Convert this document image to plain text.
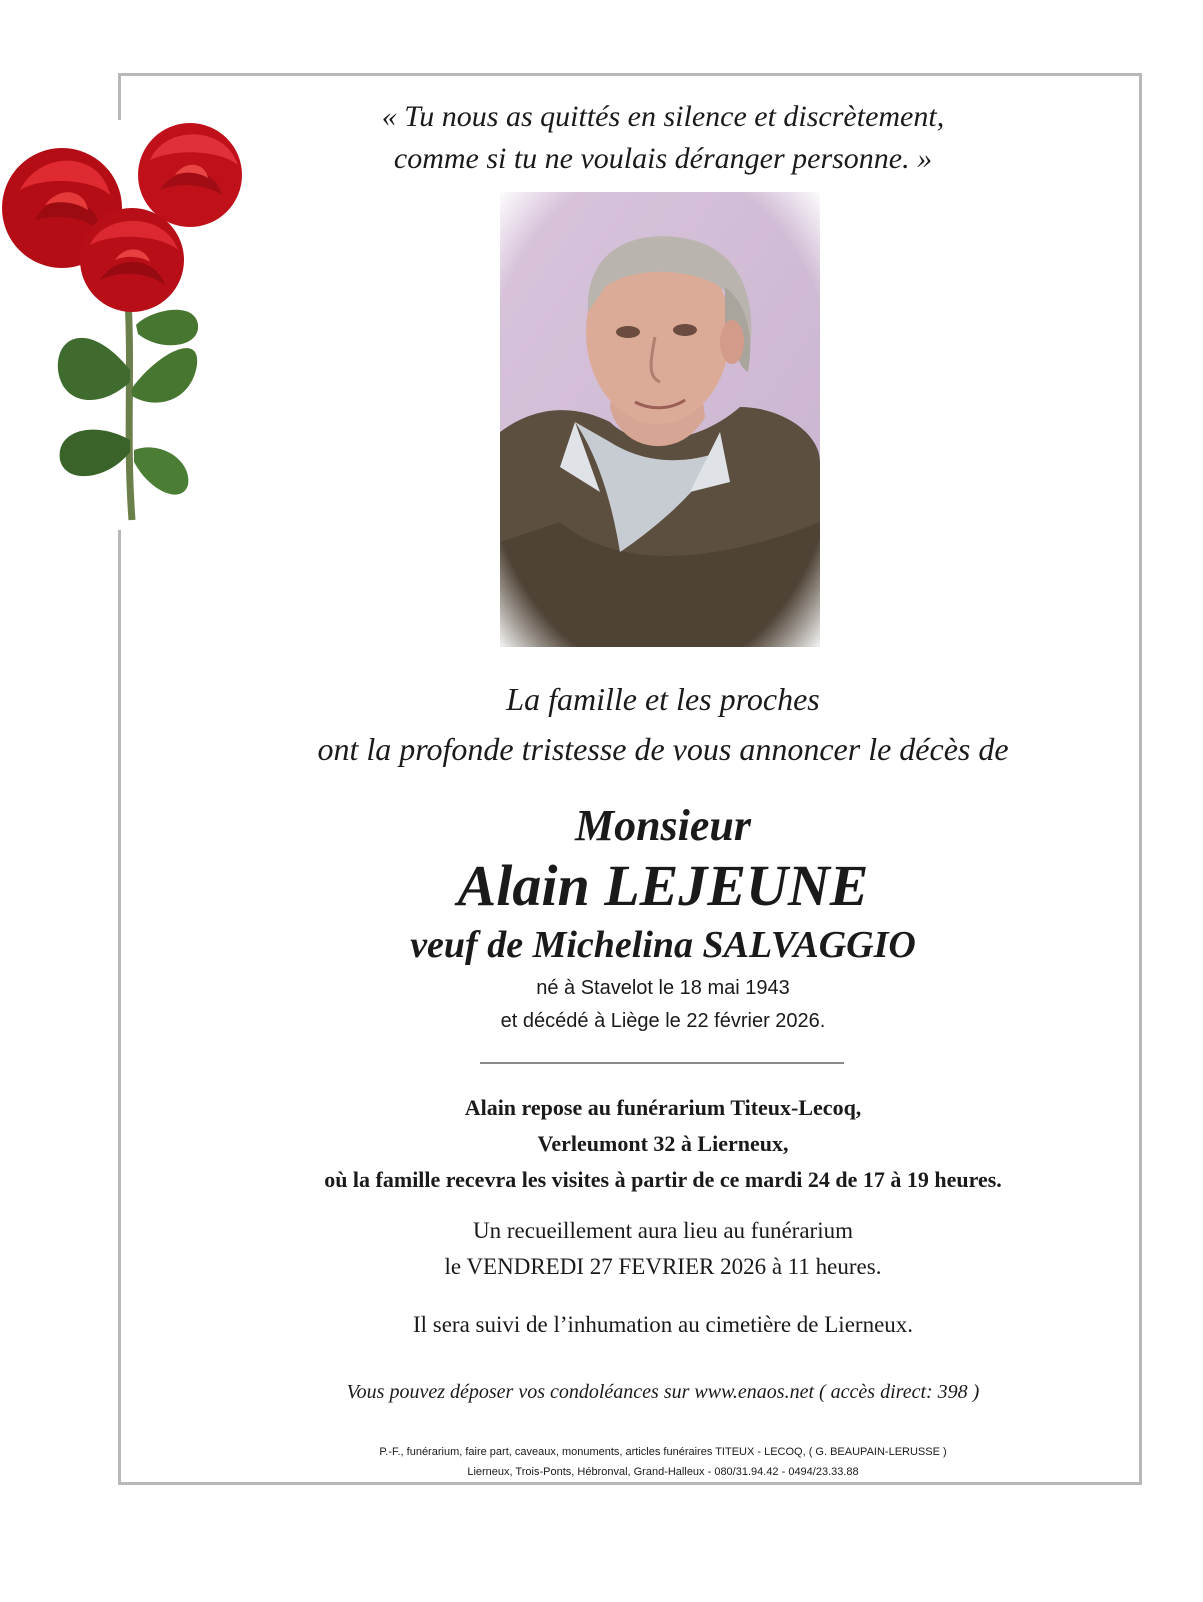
« Tu nous as quittés en silence et discrètement,
comme si tu ne voulais déranger personne. »
La famille et les proches
ont la profonde tristesse de vous annoncer le décès de
Monsieur
Alain LEJEUNE
veuf de Michelina SALVAGGIO
né à Stavelot le 18 mai 1943
et décédé à Liège le 22 février 2026.
Alain repose au funérarium Titeux-Lecoq,
Verleumont 32 à Lierneux,
où la famille recevra les visites à partir de ce mardi 24 de 17 à 19 heures.
Un recueillement aura lieu au funérarium
le VENDREDI 27 FEVRIER 2026 à 11 heures.
Il sera suivi de l’inhumation au cimetière de Lierneux.
Vous pouvez déposer vos condoléances sur www.enaos.net ( accès direct: 398 )
P.-F., funérarium, faire part, caveaux, monuments, articles funéraires TITEUX - LECOQ, ( G. BEAUPAIN-LERUSSE )
Lierneux, Trois-Ponts, Hébronval, Grand-Halleux - 080/31.94.42 - 0494/23.33.88
